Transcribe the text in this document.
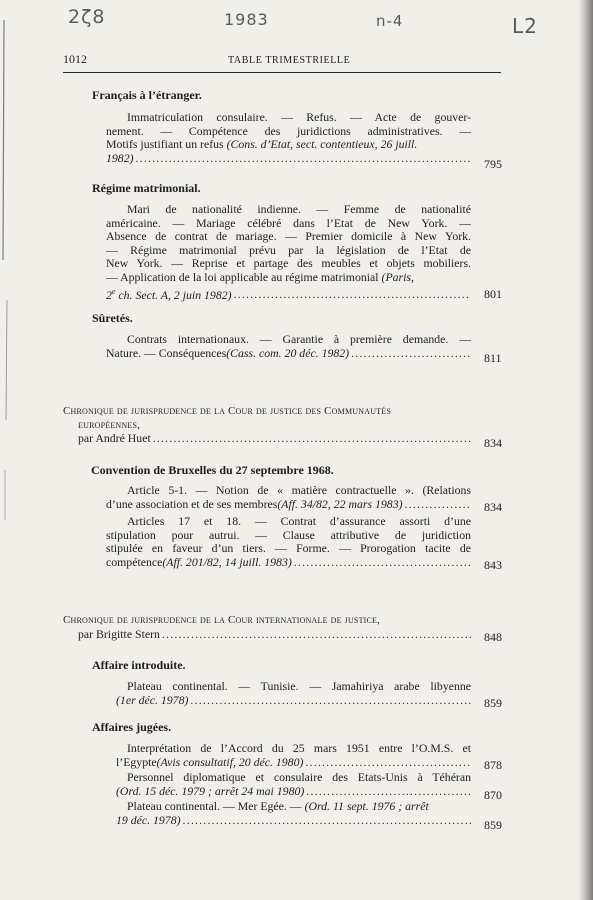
2ζ8	1983	n-4	L2
1012	TABLE TRIMESTRIELLE
Français à l’étranger.
Immatriculation consulaire. — Refus. — Acte de gouver-
nement. — Compétence des juridictions administratives. —
Motifs justifiant un refus (Cons. d’Etat, sect. contentieux, 26 juill.
1982) .....	795
Régime matrimonial.
Mari de nationalité indienne. — Femme de nationalité
américaine. — Mariage célébré dans l’Etat de New York. —
Absence de contrat de mariage. — Premier domicile à New York.
— Régime matrimonial prévu par la législation de l’Etat de
New York. — Reprise et partage des meubles et objets mobiliers.
— Application de la loi applicable au régime matrimonial (Paris,
2e ch. Sect. A, 2 juin 1982) .....	801
Sûretés.
Contrats internationaux. — Garantie à première demande. —
Nature. — Conséquences (Cass. com. 20 déc. 1982) .....	811
Chronique de jurisprudence de la Cour de justice des Communautés
européennes,
par André Huet .....	834
Convention de Bruxelles du 27 septembre 1968.
Article 5-1. — Notion de « matière contractuelle ». (Relations
d’une association et de ses membres (Aff. 34/82, 22 mars 1983) .....	834
Articles 17 et 18. — Contrat d’assurance assorti d’une
stipulation pour autrui. — Clause attributive de juridiction
stipulée en faveur d’un tiers. — Forme. — Prorogation tacite de
compétence (Aff. 201/82, 14 juill. 1983) .....	843
Chronique de jurisprudence de la Cour internationale de justice,
par Brigitte Stern .....	848
Affaire introduite.
Plateau continental. — Tunisie. — Jamahiriya arabe libyenne
(1er déc. 1978) .....	859
Affaires jugées.
Interprétation de l’Accord du 25 mars 1951 entre l’O.M.S. et
l’Egypte (Avis consultatif, 20 déc. 1980) .....	878
Personnel diplomatique et consulaire des Etats-Unis à Téhéran
(Ord. 15 déc. 1979 ; arrêt 24 mai 1980) .....	870
Plateau continental. — Mer Egée. — (Ord. 11 sept. 1976 ; arrêt
19 déc. 1978) .....	859
